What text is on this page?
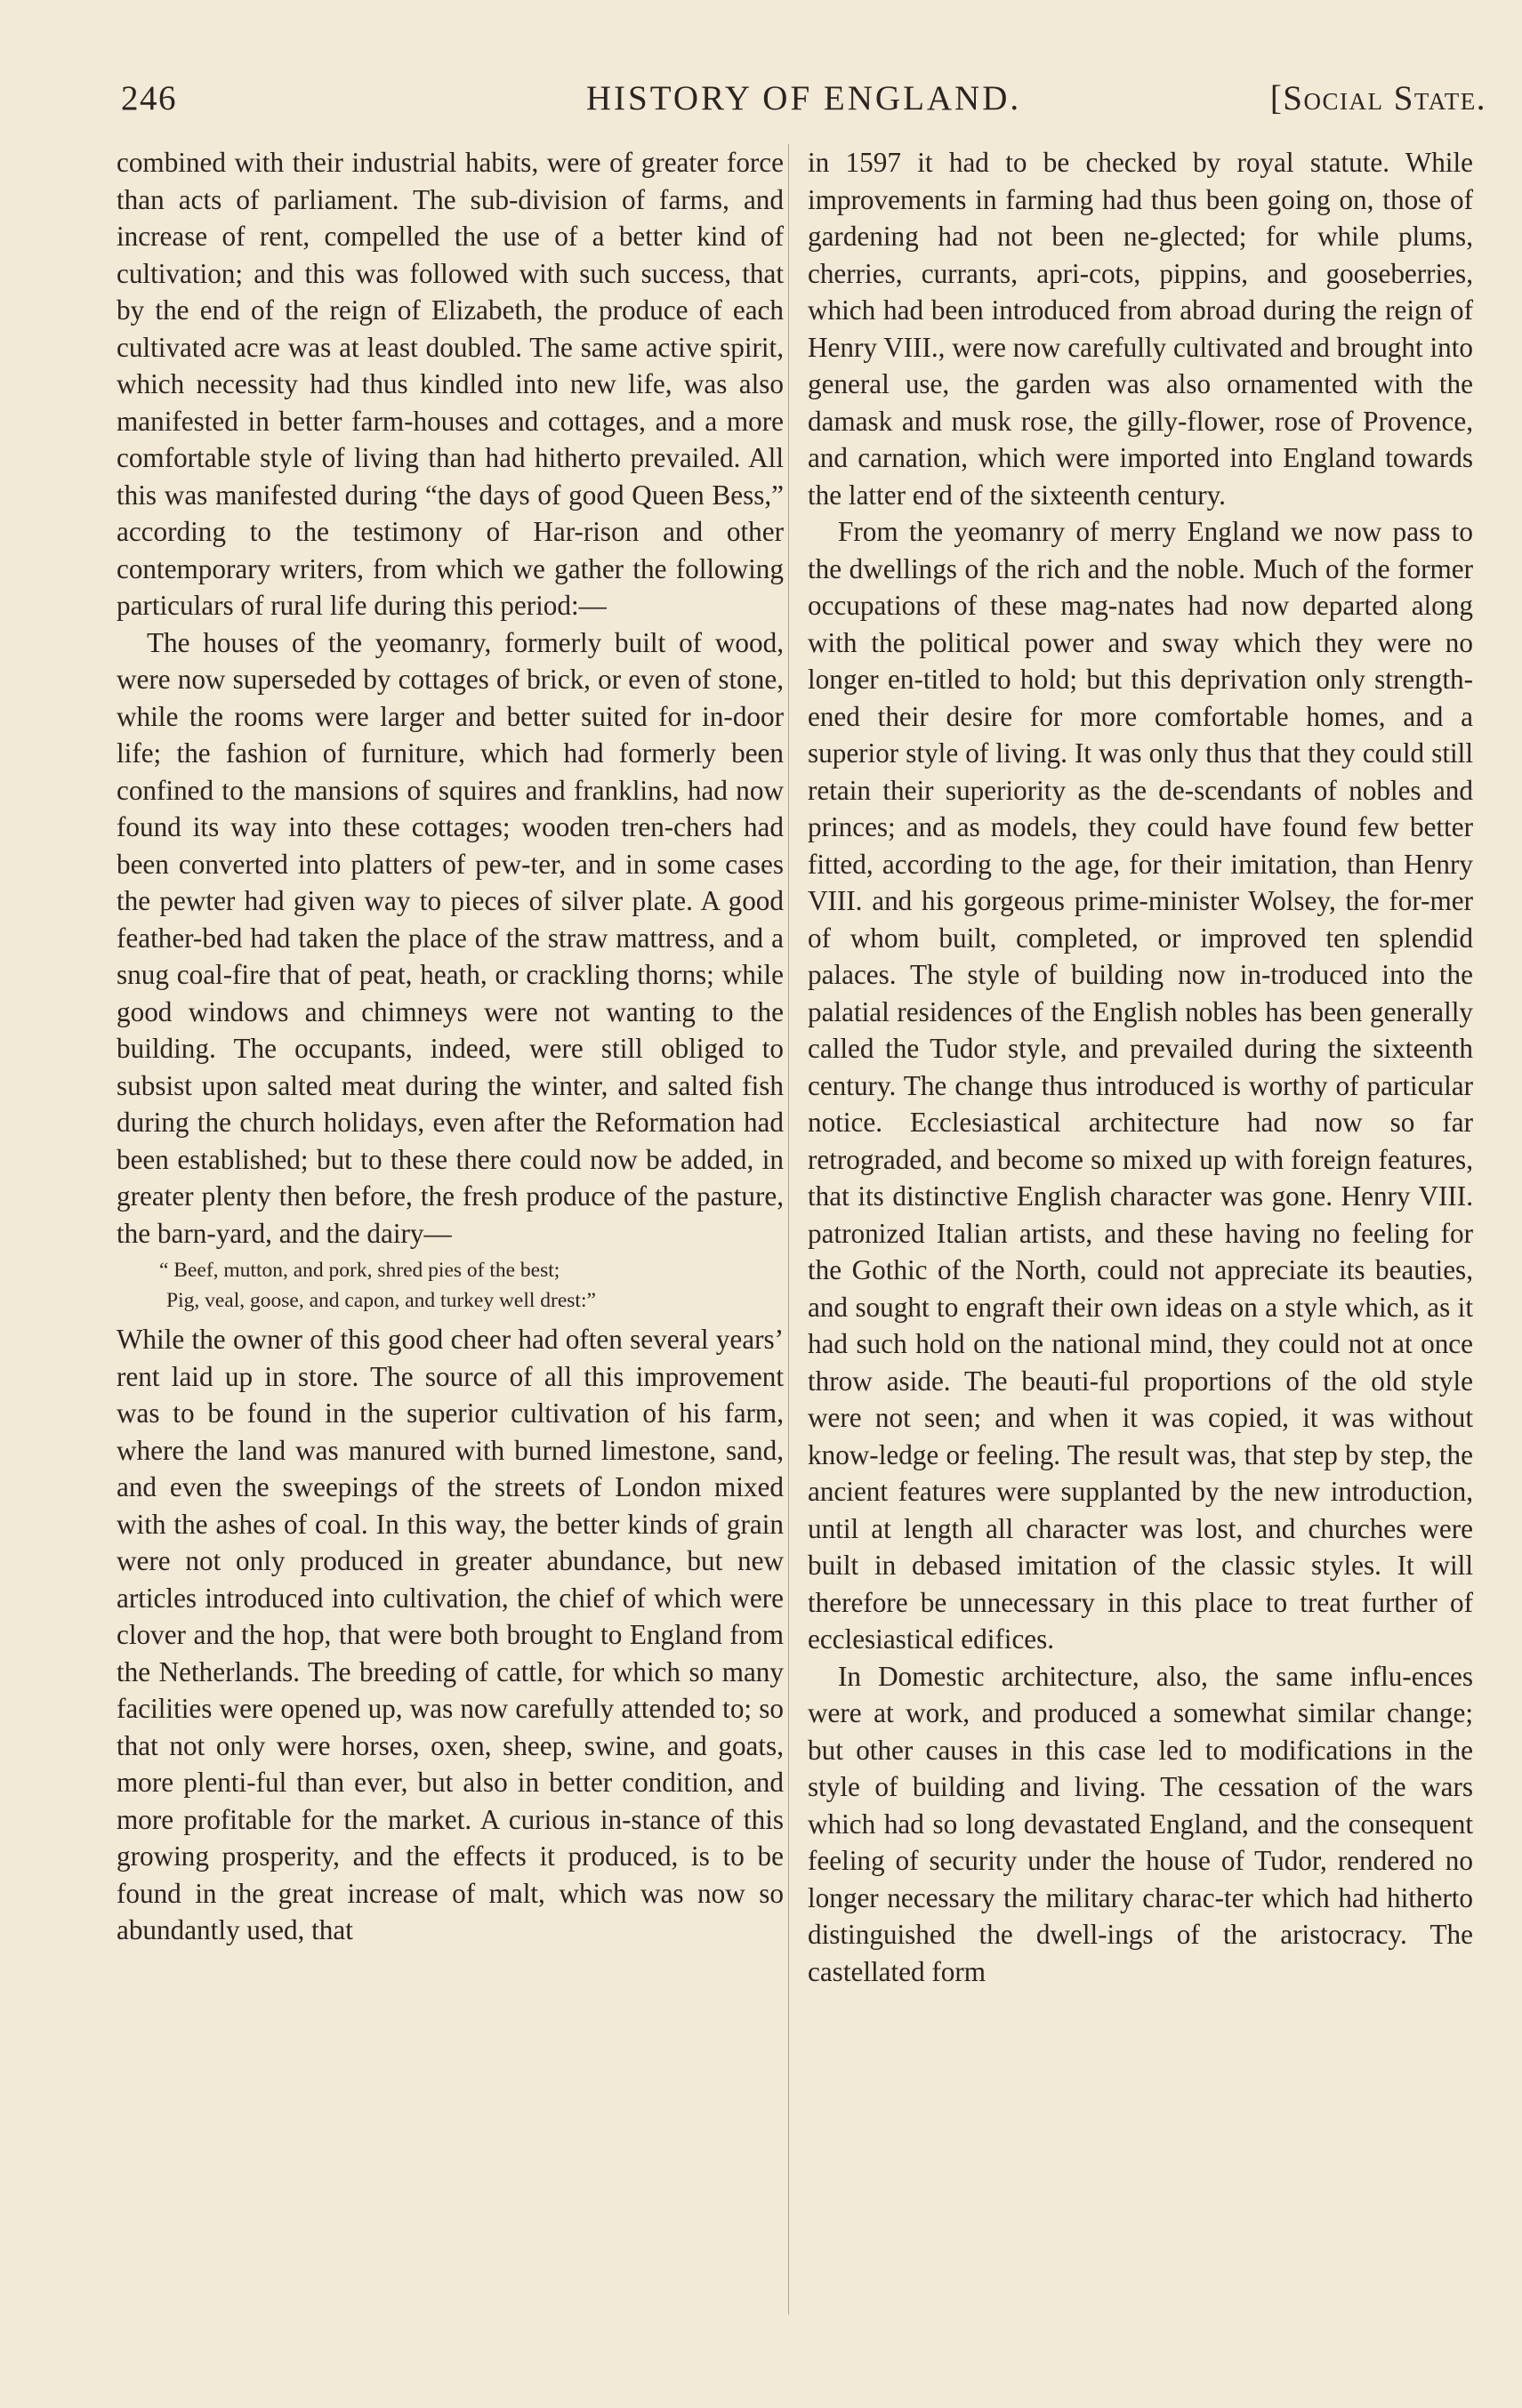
246	HISTORY OF ENGLAND.	[Social State.

combined with their industrial habits, were of greater force than acts of parliament. The sub-division of farms, and increase of rent, compelled the use of a better kind of cultivation; and this was followed with such success, that by the end of the reign of Elizabeth, the produce of each cultivated acre was at least doubled. The same active spirit, which necessity had thus kindled into new life, was also manifested in better farm-houses and cottages, and a more comfortable style of living than had hitherto prevailed. All this was manifested during “the days of good Queen Bess,” according to the testimony of Har-rison and other contemporary writers, from which we gather the following particulars of rural life during this period:—

The houses of the yeomanry, formerly built of wood, were now superseded by cottages of brick, or even of stone, while the rooms were larger and better suited for in-door life; the fashion of furniture, which had formerly been confined to the mansions of squires and franklins, had now found its way into these cottages; wooden tren-chers had been converted into platters of pew-ter, and in some cases the pewter had given way to pieces of silver plate. A good feather-bed had taken the place of the straw mattress, and a snug coal-fire that of peat, heath, or crackling thorns; while good windows and chimneys were not wanting to the building. The occupants, indeed, were still obliged to subsist upon salted meat during the winter, and salted fish during the church holidays, even after the Reformation had been established; but to these there could now be added, in greater plenty then before, the fresh produce of the pasture, the barn-yard, and the dairy—

“ Beef, mutton, and pork, shred pies of the best;
Pig, veal, goose, and capon, and turkey well drest:”

While the owner of this good cheer had often several years’ rent laid up in store. The source of all this improvement was to be found in the superior cultivation of his farm, where the land was manured with burned limestone, sand, and even the sweepings of the streets of London mixed with the ashes of coal. In this way, the better kinds of grain were not only produced in greater abundance, but new articles introduced into cultivation, the chief of which were clover and the hop, that were both brought to England from the Netherlands. The breeding of cattle, for which so many facilities were opened up, was now carefully attended to; so that not only were horses, oxen, sheep, swine, and goats, more plenti-ful than ever, but also in better condition, and more profitable for the market. A curious in-stance of this growing prosperity, and the effects it produced, is to be found in the great increase of malt, which was now so abundantly used, that

in 1597 it had to be checked by royal statute. While improvements in farming had thus been going on, those of gardening had not been ne-glected; for while plums, cherries, currants, apri-cots, pippins, and gooseberries, which had been introduced from abroad during the reign of Henry VIII., were now carefully cultivated and brought into general use, the garden was also ornamented with the damask and musk rose, the gilly-flower, rose of Provence, and carnation, which were imported into England towards the latter end of the sixteenth century.

From the yeomanry of merry England we now pass to the dwellings of the rich and the noble. Much of the former occupations of these mag-nates had now departed along with the political power and sway which they were no longer en-titled to hold; but this deprivation only strength-ened their desire for more comfortable homes, and a superior style of living. It was only thus that they could still retain their superiority as the de-scendants of nobles and princes; and as models, they could have found few better fitted, according to the age, for their imitation, than Henry VIII. and his gorgeous prime-minister Wolsey, the for-mer of whom built, completed, or improved ten splendid palaces. The style of building now in-troduced into the palatial residences of the English nobles has been generally called the Tudor style, and prevailed during the sixteenth century. The change thus introduced is worthy of particular notice. Ecclesiastical architecture had now so far retrograded, and become so mixed up with foreign features, that its distinctive English character was gone. Henry VIII. patronized Italian artists, and these having no feeling for the Gothic of the North, could not appreciate its beauties, and sought to engraft their own ideas on a style which, as it had such hold on the national mind, they could not at once throw aside. The beauti-ful proportions of the old style were not seen; and when it was copied, it was without know-ledge or feeling. The result was, that step by step, the ancient features were supplanted by the new introduction, until at length all character was lost, and churches were built in debased imitation of the classic styles. It will therefore be unnecessary in this place to treat further of ecclesiastical edifices.

In Domestic architecture, also, the same influ-ences were at work, and produced a somewhat similar change; but other causes in this case led to modifications in the style of building and living. The cessation of the wars which had so long devastated England, and the consequent feeling of security under the house of Tudor, rendered no longer necessary the military charac-ter which had hitherto distinguished the dwell-ings of the aristocracy. The castellated form
